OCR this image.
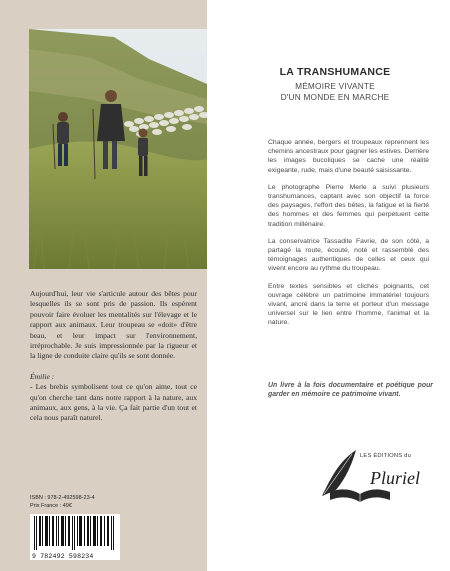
Aujourd'hui, leur vie s'articule autour des bêtes pour lesquelles ils se sont pris de passion. Ils espèrent pouvoir faire évoluer les mentalités sur l'élevage et le rapport aux animaux. Leur troupeau se «doit» d'être beau, et leur impact sur l'environnement, irréprochable. Je suis impressionnée par la rigueur et la ligne de conduite claire qu'ils se sont donnée.

Émilie :

- Les brebis symbolisent tout ce qu'on aime, tout ce qu'on cherche tant dans notre rapport à la nature, aux animaux, aux gens, à la vie. Ça fait partie d'un tout et cela nous paraît naturel.

ISBN : 978-2-492598-23-4
Prix France : 49€
9 782492 598234
LA TRANSHUMANCE
MÉMOIRE VIVANTE
D'UN MONDE EN MARCHE

Chaque année, bergers et troupeaux reprennent les chemins ancestraux pour gagner les estives. Derrière les images bucoliques se cache une réalité exigeante, rude, mais d'une beauté saisissante.

Le photographe Pierre Merle a suivi plusieurs transhumances, captant avec son objectif la force des paysages, l'effort des bêtes, la fatigue et la fierté des hommes et des femmes qui perpétuent cette tradition millénaire.

La conservatrice Tassadite Favrie, de son côté, a partagé la route, écouté, noté et rassemblé des témoignages authentiques de celles et ceux qui vivent encore au rythme du troupeau.

Entre textes sensibles et clichés poignants, cet ouvrage célèbre un patrimoine immatériel toujours vivant, ancré dans la terre et porteur d'un message universel sur le lien entre l'homme, l'animal et la nature.

Un livre à la fois documentaire et poétique pour garder en mémoire ce patrimoine vivant.
LES ÉDITIONS du
Pluriel
